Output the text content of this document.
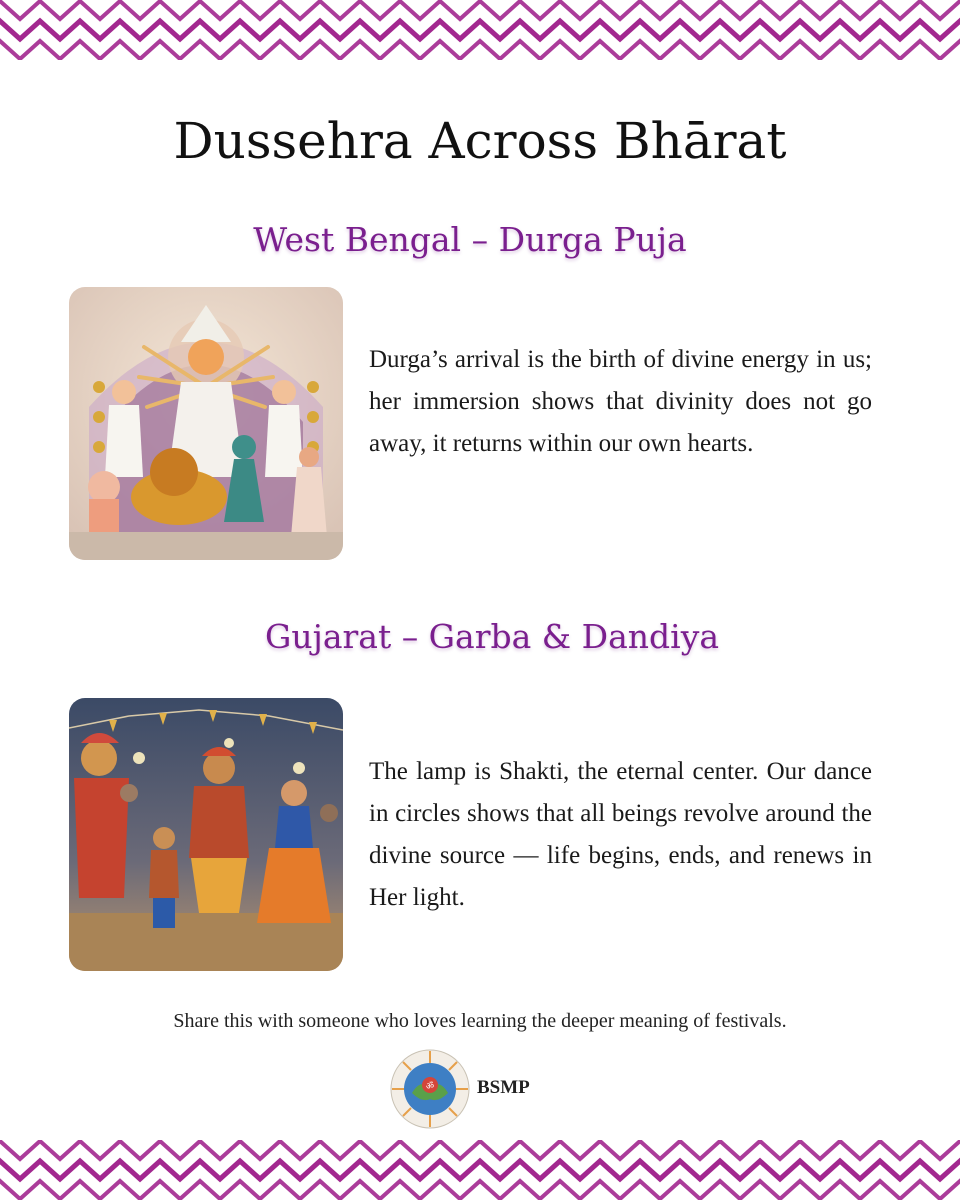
Dussehra Across Bhārat
West Bengal – Durga Puja

Durga’s arrival is the birth of divine energy in us; her immersion shows that divinity does not go away, it returns within our own hearts.

Gujarat – Garba & Dandiya

The lamp is Shakti, the eternal center. Our dance in circles shows that all beings revolve around the divine source — life begins, ends, and renews in Her light.

Share this with someone who loves learning the deeper meaning of festivals.

ॐ BSMP
